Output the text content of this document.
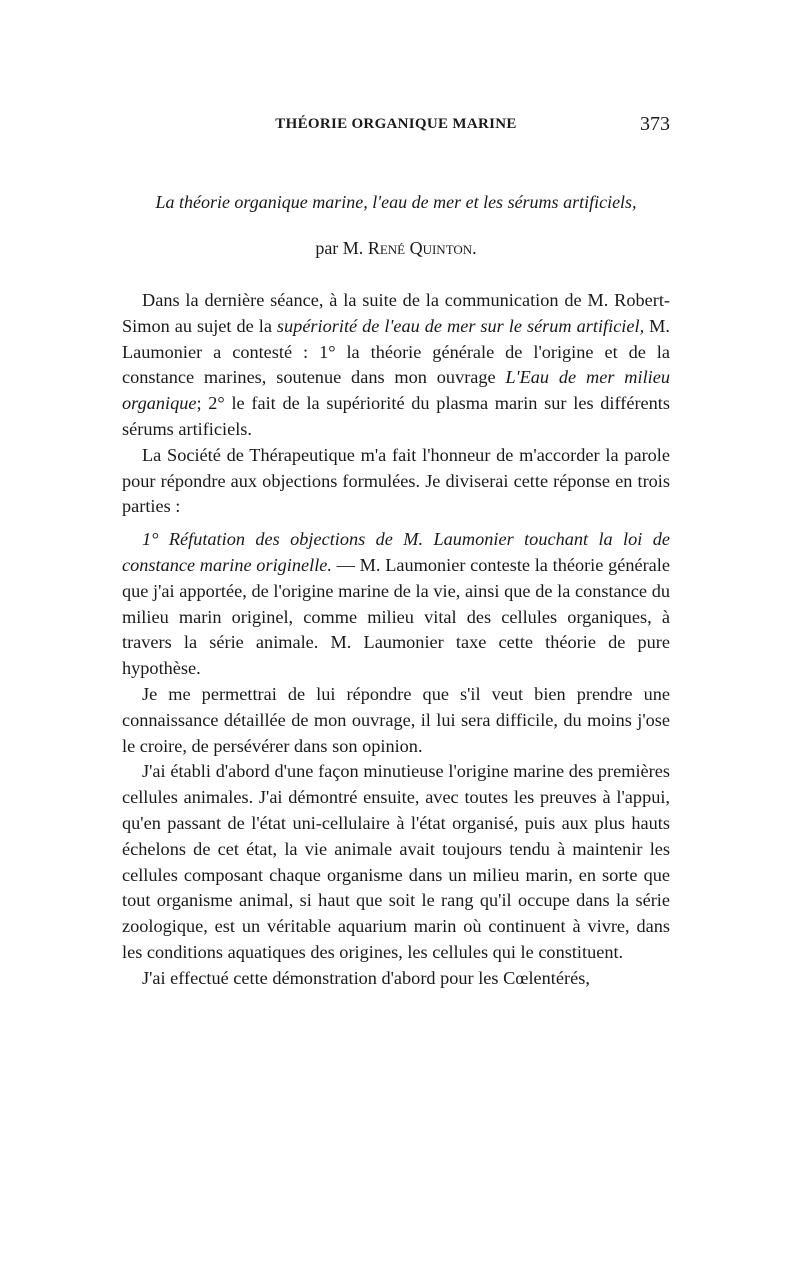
THÉORIE ORGANIQUE MARINE	373
La théorie organique marine, l'eau de mer et les sérums artificiels,
par M. René Quinton.

Dans la dernière séance, à la suite de la communication de M. Robert-Simon au sujet de la supériorité de l'eau de mer sur le sérum artificiel, M. Laumonier a contesté : 1° la théorie générale de l'origine et de la constance marines, soutenue dans mon ouvrage L'Eau de mer milieu organique; 2° le fait de la supériorité du plasma marin sur les différents sérums artificiels.

La Société de Thérapeutique m'a fait l'honneur de m'accorder la parole pour répondre aux objections formulées. Je diviserai cette réponse en trois parties :

1° Réfutation des objections de M. Laumonier touchant la loi de constance marine originelle. — M. Laumonier conteste la théorie générale que j'ai apportée, de l'origine marine de la vie, ainsi que de la constance du milieu marin originel, comme milieu vital des cellules organiques, à travers la série animale. M. Laumonier taxe cette théorie de pure hypothèse.

Je me permettrai de lui répondre que s'il veut bien prendre une connaissance détaillée de mon ouvrage, il lui sera difficile, du moins j'ose le croire, de persévérer dans son opinion.

J'ai établi d'abord d'une façon minutieuse l'origine marine des premières cellules animales. J'ai démontré ensuite, avec toutes les preuves à l'appui, qu'en passant de l'état uni-cellulaire à l'état organisé, puis aux plus hauts échelons de cet état, la vie animale avait toujours tendu à maintenir les cellules composant chaque organisme dans un milieu marin, en sorte que tout organisme animal, si haut que soit le rang qu'il occupe dans la série zoologique, est un véritable aquarium marin où continuent à vivre, dans les conditions aquatiques des origines, les cellules qui le constituent.

J'ai effectué cette démonstration d'abord pour les Cœlentérés,
